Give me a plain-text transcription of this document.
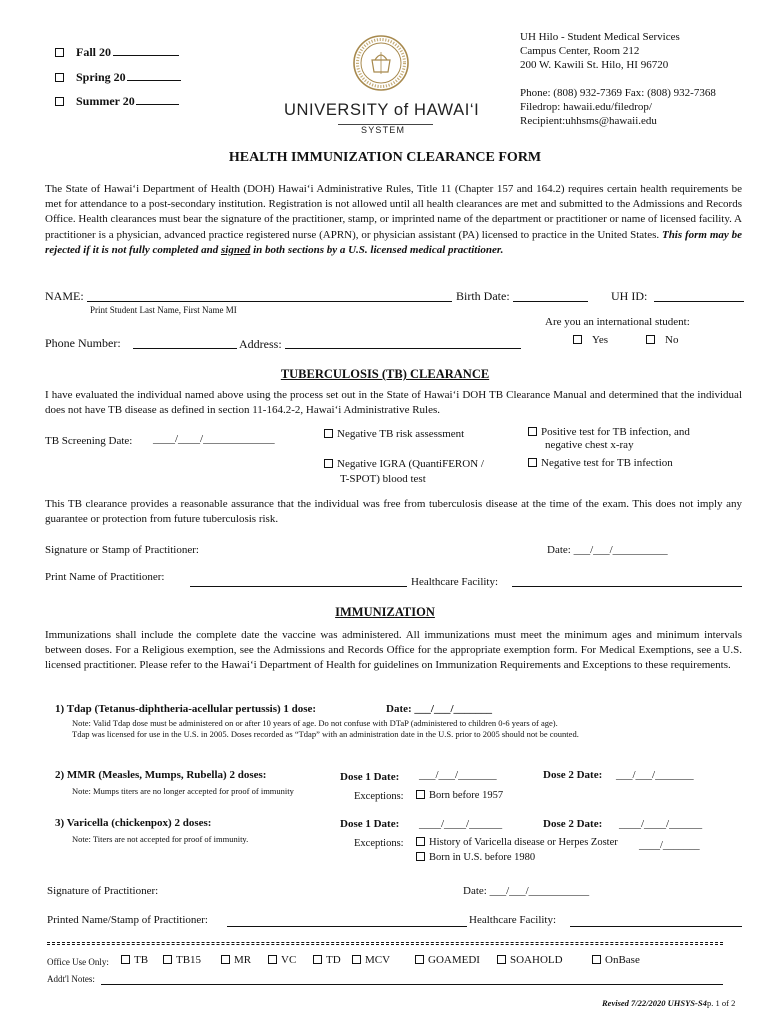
Fall 20
Spring 20
Summer 20	UNIVERSITY of HAWAI‘I
SYSTEM
UH Hilo - Student Medical Services
Campus Center, Room 212
200 W. Kawili St. Hilo, HI 96720
Phone: (808) 932-7369 Fax: (808) 932-7368
Filedrop: hawaii.edu/filedrop/
Recipient:uhhsms@hawaii.edu
HEALTH IMMUNIZATION CLEARANCE FORM
The State of Hawai‘i Department of Health (DOH) Hawai‘i Administrative Rules, Title 11 (Chapter 157 and 164.2) requires certain health requirements be met for attendance to a post-secondary institution. Registration is not allowed until all health clearances are met and submitted to the Admissions and Records Office. Health clearances must bear the signature of the practitioner, stamp, or imprinted name of the department or practitioner or name of licensed facility. A practitioner is a physician, advanced practice registered nurse (APRN), or physician assistant (PA) licensed to practice in the United States. This form may be rejected if it is not fully completed and signed in both sections by a U.S. licensed medical practitioner.
NAME:	Birth Date:	UH ID:
Print Student Last Name, First Name MI
Are you an international student:
Phone Number:	Address:	Yes	No
TUBERCULOSIS (TB) CLEARANCE
I have evaluated the individual named above using the process set out in the State of Hawai‘i DOH TB Clearance Manual and determined that the individual does not have TB disease as defined in section 11-164.2-2, Hawai‘i Administrative Rules.
TB Screening Date: ____/____/_____________	Negative TB risk assessment	Positive test for TB infection, and
negative chest x-ray
Negative IGRA (QuantiFERON /
T-SPOT) blood test
Negative test for TB infection
This TB clearance provides a reasonable assurance that the individual was free from tuberculosis disease at the time of the exam. This does not imply any guarantee or protection from future tuberculosis risk.
Signature or Stamp of Practitioner:	Date: ___/___/__________
Print Name of Practitioner:	Healthcare Facility:
IMMUNIZATION
Immunizations shall include the complete date the vaccine was administered. All immunizations must meet the minimum ages and minimum intervals between doses. For a Religious exemption, see the Admissions and Records Office for the appropriate exemption form. For Medical Exemptions, see a U.S. licensed practitioner. Please refer to the Hawai‘i Department of Health for guidelines on Immunization Requirements and Exceptions to these requirements.
1) Tdap (Tetanus-diphtheria-acellular pertussis) 1 dose:	Date: ___/___/_______
Note: Valid Tdap dose must be administered on or after 10 years of age. Do not confuse with DTaP (administered to children 0-6 years of age).
Tdap was licensed for use in the U.S. in 2005. Doses recorded as “Tdap” with an administration date in the U.S. prior to 2005 should not be counted.
2) MMR (Measles, Mumps, Rubella) 2 doses:
Note: Mumps titers are no longer accepted for proof of immunity
Dose 1 Date: ___/___/_______	Dose 2 Date: ___/___/_______
Exceptions:	Born before 1957
3) Varicella (chickenpox) 2 doses:
Note: Titers are not accepted for proof of immunity.
Dose 1 Date: ____/____/______	Dose 2 Date: ____/____/______
Exceptions:	History of Varicella disease or Herpes Zoster ____/_______
Born in U.S. before 1980
Signature of Practitioner:	Date: ___/___/___________
Printed Name/Stamp of Practitioner:	Healthcare Facility:
Office Use Only:	TB	TB15	MR	VC	TD	MCV	GOAMEDI	SOAHOLD	OnBase
Addt'l Notes:
Revised 7/22/2020 UHSYS-S4 p. 1 of 2
